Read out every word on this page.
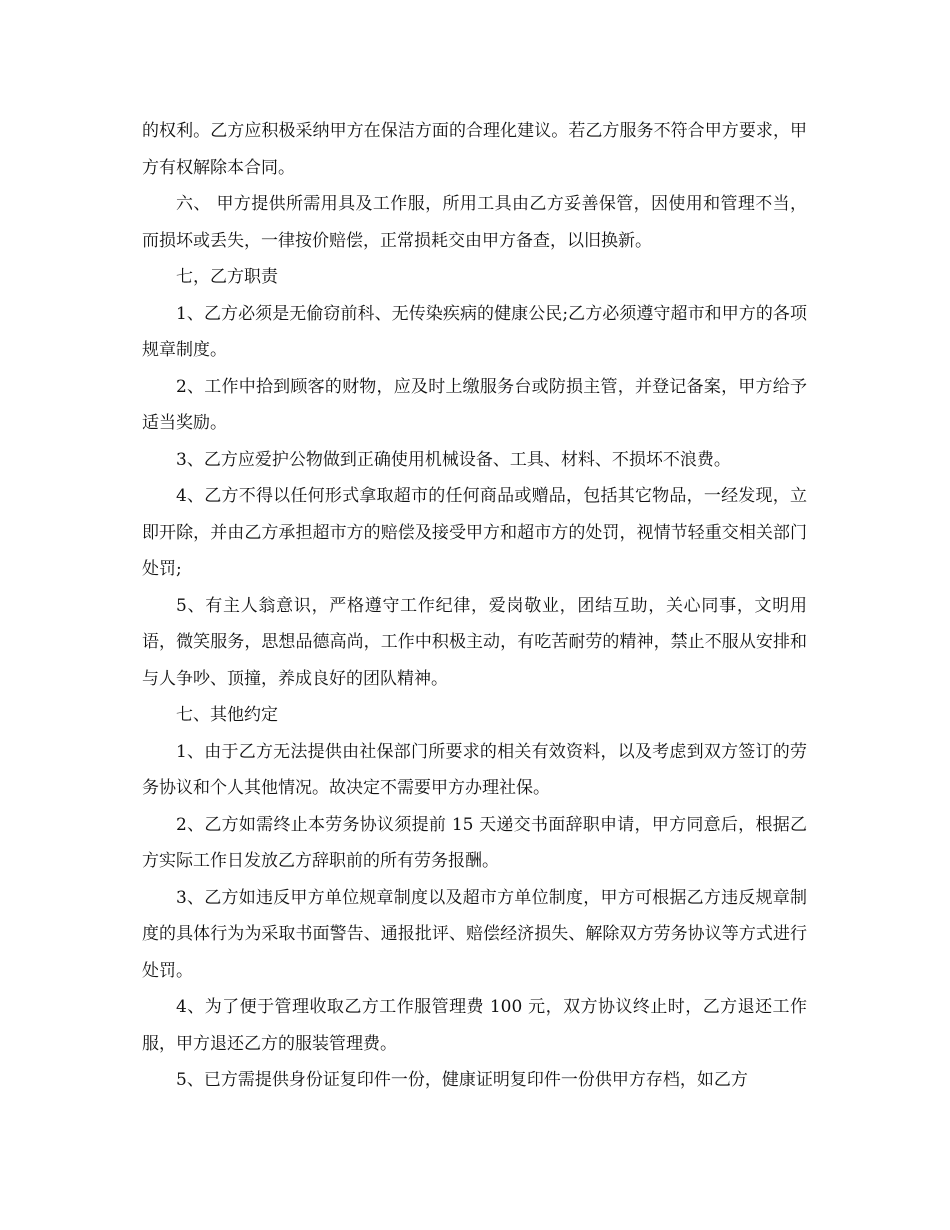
的权利。乙方应积极采纳甲方在保洁方面的合理化建议。若乙方服务不符合甲方要求，甲方有权解除本合同。

六、 甲方提供所需用具及工作服，所用工具由乙方妥善保管，因使用和管理不当，而损坏或丢失，一律按价赔偿，正常损耗交由甲方备查，以旧换新。

七，乙方职责

1、乙方必须是无偷窃前科、无传染疾病的健康公民;乙方必须遵守超市和甲方的各项规章制度。

2、工作中拾到顾客的财物，应及时上缴服务台或防损主管，并登记备案，甲方给予适当奖励。

3、乙方应爱护公物做到正确使用机械设备、工具、材料、不损坏不浪费。

4、乙方不得以任何形式拿取超市的任何商品或赠品，包括其它物品，一经发现，立即开除，并由乙方承担超市方的赔偿及接受甲方和超市方的处罚，视情节轻重交相关部门处罚;

5、有主人翁意识，严格遵守工作纪律，爱岗敬业，团结互助，关心同事，文明用语，微笑服务，思想品德高尚，工作中积极主动，有吃苦耐劳的精神，禁止不服从安排和与人争吵、顶撞，养成良好的团队精神。

七、其他约定

1、由于乙方无法提供由社保部门所要求的相关有效资料，以及考虑到双方签订的劳务协议和个人其他情况。故决定不需要甲方办理社保。

2、乙方如需终止本劳务协议须提前 15 天递交书面辞职申请，甲方同意后，根据乙方实际工作日发放乙方辞职前的所有劳务报酬。

3、乙方如违反甲方单位规章制度以及超市方单位制度，甲方可根据乙方违反规章制度的具体行为为采取书面警告、通报批评、赔偿经济损失、解除双方劳务协议等方式进行处罚。

4、为了便于管理收取乙方工作服管理费 100 元，双方协议终止时，乙方退还工作服，甲方退还乙方的服装管理费。

5、已方需提供身份证复印件一份，健康证明复印件一份供甲方存档，如乙方
